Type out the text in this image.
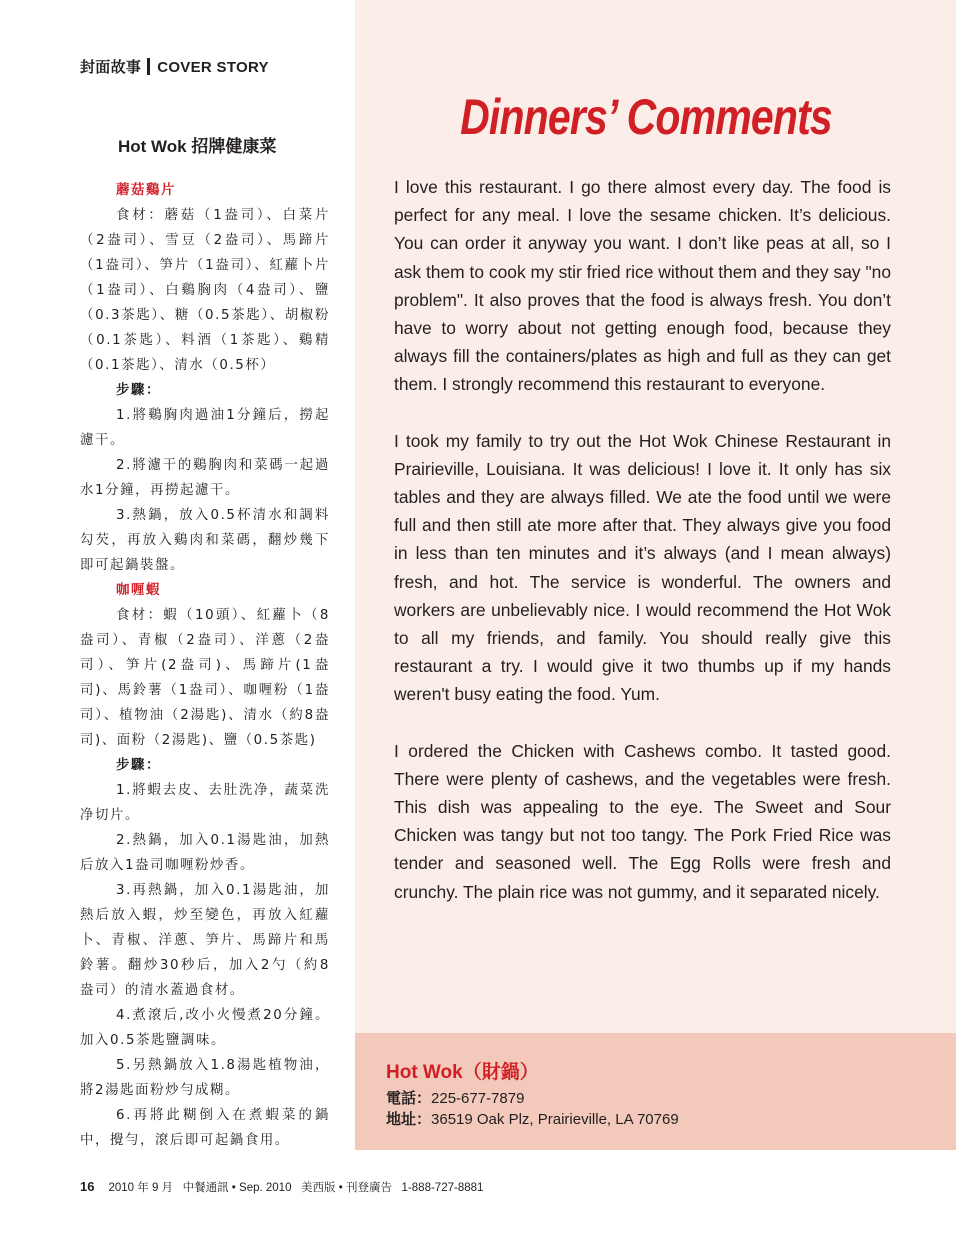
封面故事 COVER STORY
Hot Wok 招牌健康菜

蘑菇鷄片

食材：蘑菇（1盎司）、白菜片（2盎司）、雪豆（2盎司）、馬蹄片（1盎司）、笋片（1盎司）、紅蘿卜片（1盎司）、白鷄胸肉（4盎司）、鹽（0.3茶匙）、糖（0.5茶匙）、胡椒粉（0.1茶匙）、料酒（1茶匙）、鷄精（0.1茶匙）、清水（0.5杯）

步驟：

1.將鷄胸肉過油1分鐘后，撈起濾干。

2.將濾干的鷄胸肉和菜碼一起過水1分鐘，再撈起濾干。

3.熱鍋，放入0.5杯清水和調料勾芡，再放入鷄肉和菜碼，翻炒幾下即可起鍋裝盤。

咖喱蝦

食材：蝦（10頭）、紅蘿卜（8盎司）、青椒（2盎司）、洋蔥（2盎司）、笋片(2盎司)、馬蹄片(1盎司)、馬鈴薯（1盎司）、咖喱粉（1盎司）、植物油（2湯匙)、清水（約8盎司)、面粉（2湯匙)、鹽（0.5茶匙)

步驟：

1.將蝦去皮、去肚洗净，蔬菜洗净切片。

2.熱鍋，加入0.1湯匙油，加熱后放入1盎司咖喱粉炒香。

3.再熱鍋，加入0.1湯匙油，加熱后放入蝦，炒至變色，再放入紅蘿卜、青椒、洋蔥、笋片、馬蹄片和馬鈴薯。翻炒30秒后，加入2勺（約8盎司）的清水蓋過食材。

4.煮滾后,改小火慢煮20分鐘。加入0.5茶匙鹽調味。

5.另熱鍋放入1.8湯匙植物油，將2湯匙面粉炒勻成糊。

6.再將此糊倒入在煮蝦菜的鍋中，攪勻，滾后即可起鍋食用。

Dinners’ Comments

I love this restaurant. I go there almost every day. The food is perfect for any meal. I love the sesame chicken. It’s delicious. You can order it anyway you want. I don’t like peas at all, so I ask them to cook my stir fried rice without them and they say "no problem". It also proves that the food is always fresh. You don’t have to worry about not getting enough food, because they always fill the containers/plates as high and full as they can get them. I strongly recommend this restaurant to everyone.

I took my family to try out the Hot Wok Chinese Restaurant in Prairieville, Louisiana. It was delicious! I love it. It only has six tables and they are always filled. We ate the food until we were full and then still ate more after that. They always give you food in less than ten minutes and it’s always (and I mean always) fresh, and hot. The service is wonderful. The owners and workers are unbelievably nice. I would recommend the Hot Wok to all my friends, and family. You should really give this restaurant a try. I would give it two thumbs up if my hands weren't busy eating the food. Yum.

I ordered the Chicken with Cashews combo. It tasted good. There were plenty of cashews, and the vegetables were fresh. This dish was appealing to the eye. The Sweet and Sour Chicken was tangy but not too tangy. The Pork Fried Rice was tender and seasoned well. The Egg Rolls were fresh and crunchy. The plain rice was not gummy, and it separated nicely.

Hot Wok（財鍋）
電話：225-677-7879
地址：36519 Oak Plz, Prairieville, LA 70769
16 2010 年 9 月   中餐通訊 • Sep. 2010   美西版 • 刊登廣告   1-888-727-8881
